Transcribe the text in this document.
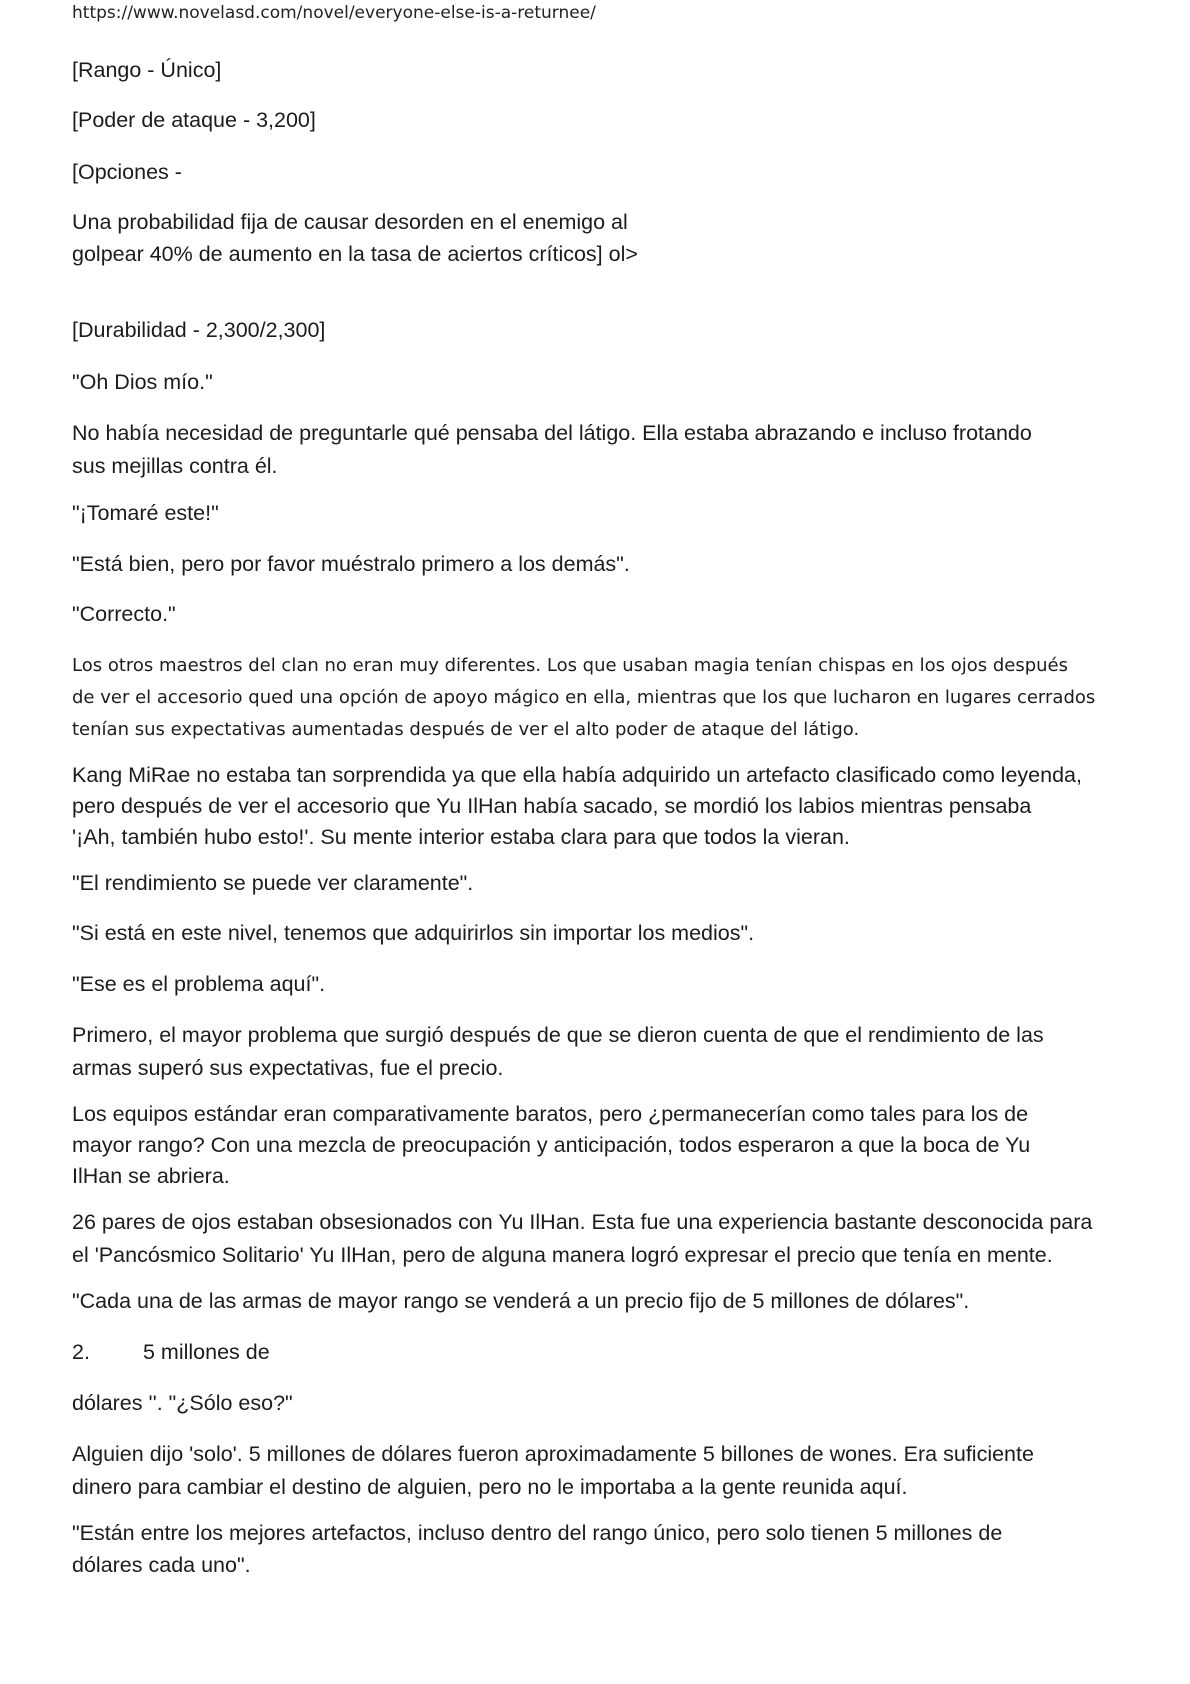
https://www.novelasd.com/novel/everyone-else-is-a-returnee/
[Rango - Único]
[Poder de ataque - 3,200]
[Opciones -
Una probabilidad fija de causar desorden en el enemigo al
golpear 40% de aumento en la tasa de aciertos críticos] ol>
[Durabilidad - 2,300/2,300]
"Oh Dios mío."
No había necesidad de preguntarle qué pensaba del látigo. Ella estaba abrazando e incluso frotando
sus mejillas contra él.
"¡Tomaré este!"
"Está bien, pero por favor muéstralo primero a los demás".
"Correcto."
Los otros maestros del clan no eran muy diferentes. Los que usaban magia tenían chispas en los ojos después
de ver el accesorio qued una opción de apoyo mágico en ella, mientras que los que lucharon en lugares cerrados
tenían sus expectativas aumentadas después de ver el alto poder de ataque del látigo.
Kang MiRae no estaba tan sorprendida ya que ella había adquirido un artefacto clasificado como leyenda,
pero después de ver el accesorio que Yu IlHan había sacado, se mordió los labios mientras pensaba
'¡Ah, también hubo esto!'. Su mente interior estaba clara para que todos la vieran.
"El rendimiento se puede ver claramente".
"Si está en este nivel, tenemos que adquirirlos sin importar los medios".
"Ese es el problema aquí".
Primero, el mayor problema que surgió después de que se dieron cuenta de que el rendimiento de las
armas superó sus expectativas, fue el precio.
Los equipos estándar eran comparativamente baratos, pero ¿permanecerían como tales para los de
mayor rango? Con una mezcla de preocupación y anticipación, todos esperaron a que la boca de Yu
IlHan se abriera.
26 pares de ojos estaban obsesionados con Yu IlHan. Esta fue una experiencia bastante desconocida para
el 'Pancósmico Solitario' Yu IlHan, pero de alguna manera logró expresar el precio que tenía en mente.
"Cada una de las armas de mayor rango se venderá a un precio fijo de 5 millones de dólares".
2. 5 millones de
dólares ''. "¿Sólo eso?"
Alguien dijo 'solo'. 5 millones de dólares fueron aproximadamente 5 billones de wones. Era suficiente
dinero para cambiar el destino de alguien, pero no le importaba a la gente reunida aquí.
"Están entre los mejores artefactos, incluso dentro del rango único, pero solo tienen 5 millones de
dólares cada uno".
